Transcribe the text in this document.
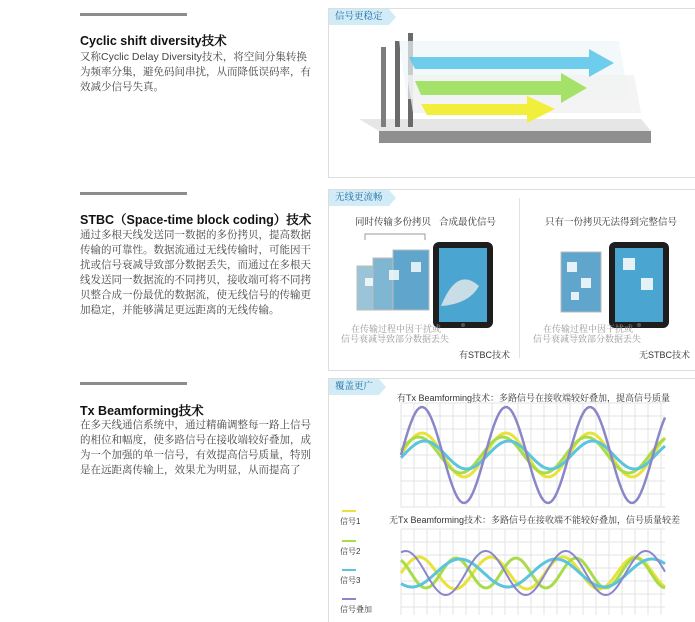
Cyclic shift diversity技术
又称Cyclic Delay Diversity技术，将空间分集转换为频率分集，避免码间串扰，从而降低误码率，有效减少信号失真。
信号更稳定
STBC（Space-time block coding）技术
通过多根天线发送同一数据的多份拷贝，提高数据传输的可靠性。数据流通过无线传输时，可能因干扰或信号衰减导致部分数据丢失，而通过在多根天线发送同一数据流的不同拷贝，接收端可将不同拷贝整合成一份最优的数据流，使无线信号的传输更加稳定，并能够满足更远距离的无线传输。
无线更流畅
同时传输多份拷贝 合成最优信号
在传输过程中因干扰或
信号衰减导致部分数据丢失
有STBC技术
只有一份拷贝
无法得到完整信号
在传输过程中因干扰或
信号衰减导致部分数据丢失
无STBC技术
Tx Beamforming技术
在多天线通信系统中，通过精确调整每一路上信号的相位和幅度，使多路信号在接收端较好叠加，成为一个加强的单一信号，有效提高信号质量，特别是在远距离传输上，效果尤为明显，从而提高了
覆盖更广
有Tx Beamforming技术：多路信号在接收端较好叠加，提高信号质量
无Tx Beamforming技术：多路信号在接收端不能较好叠加，信号质量较差
信号1
信号2
信号3
信号叠加
